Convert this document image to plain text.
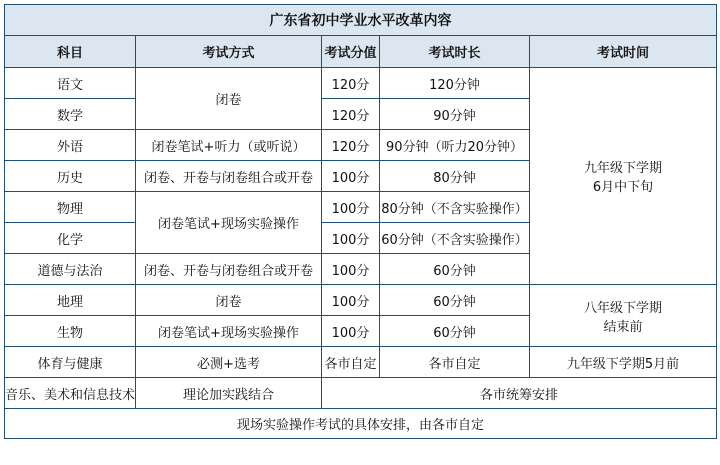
广东省初中学业水平改革内容				
科目	考试方式	考试分值	考试时长	考试时间
语文	闭卷	120分	120分钟	九年级下学期
6月中下旬
数学		120分	90分钟	
外语	闭卷笔试+听力（或听说）	120分	90分钟（听力20分钟）	
历史	闭卷、开卷与闭卷组合或开卷	100分	80分钟	
物理	闭卷笔试+现场实验操作	100分	80分钟（不含实验操作）	
化学		100分	60分钟（不含实验操作）	
道德与法治	闭卷、开卷与闭卷组合或开卷	100分	60分钟	
地理	闭卷	100分	60分钟	八年级下学期
结束前
生物	闭卷笔试+现场实验操作	100分	60分钟	
体育与健康	必测+选考	各市自定	各市自定	九年级下学期5月前
音乐、美术和信息技术	理论加实践结合	各市统筹安排		
现场实验操作考试的具体安排，由各市自定				
